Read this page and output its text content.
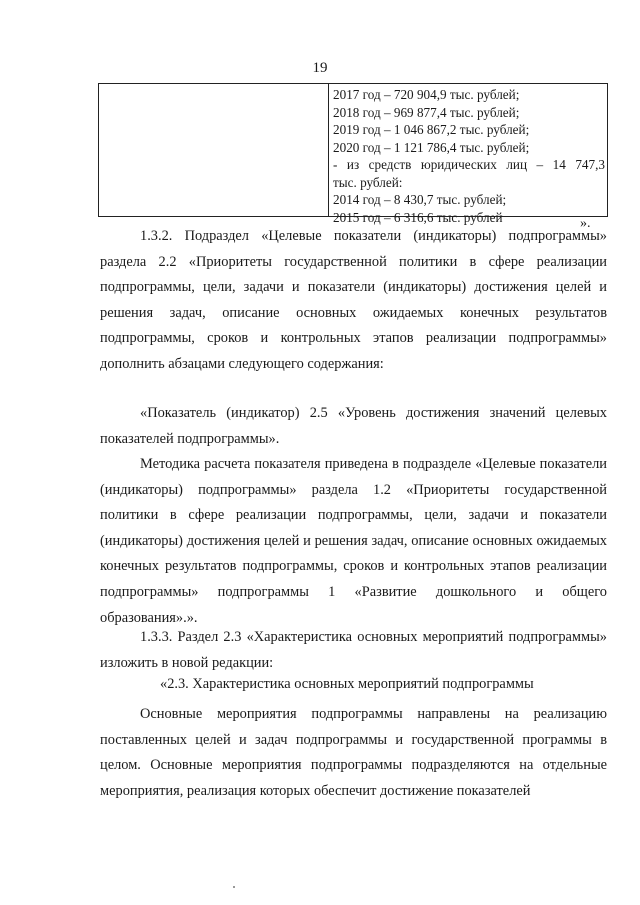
19
2017 год – 720 904,9 тыс. рублей;
2018 год – 969 877,4 тыс. рублей;
2019 год – 1 046 867,2 тыс. рублей;
2020 год – 1 121 786,4 тыс. рублей;
- из средств юридических лиц – 14 747,3
тыс. рублей:
2014 год – 8 430,7 тыс. рублей;
2015 год – 6 316,6 тыс. рублей	».

1.3.2. Подраздел «Целевые показатели (индикаторы) подпрограммы» раздела 2.2 «Приоритеты государственной политики в сфере реализации подпрограммы, цели, задачи и показатели (индикаторы) достижения целей и решения задач, описание основных ожидаемых конечных результатов подпрограммы, сроков и контрольных этапов реализации подпрограммы» дополнить абзацами следующего содержания:

«Показатель (индикатор) 2.5 «Уровень достижения значений целевых показателей подпрограммы».

Методика расчета показателя приведена в подразделе «Целевые показатели (индикаторы) подпрограммы» раздела 1.2 «Приоритеты государственной политики в сфере реализации подпрограммы, цели, задачи и показатели (индикаторы) достижения целей и решения задач, описание основных ожидаемых конечных результатов подпрограммы, сроков и контрольных этапов реализации подпрограммы» подпрограммы 1 «Развитие дошкольного и общего образования».».

1.3.3. Раздел 2.3 «Характеристика основных мероприятий подпрограммы» изложить в новой редакции:

«2.3. Характеристика основных мероприятий подпрограммы

Основные мероприятия подпрограммы направлены на реализацию поставленных целей и задач подпрограммы и государственной программы в целом. Основные мероприятия подпрограммы подразделяются на отдельные мероприятия, реализация которых обеспечит достижение показателей
